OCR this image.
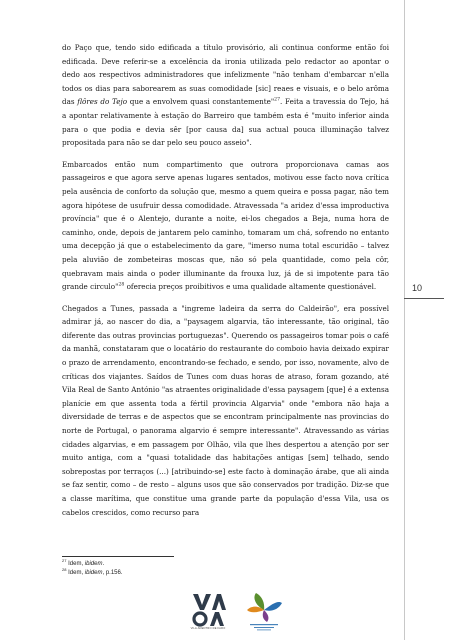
10

do Paço que, tendo sido edificada a título provisório, ali continua conforme então foi edificada. Deve referir-se a excelência da ironia utilizada pelo redactor ao apontar o dedo aos respectivos administradores que infelizmente "não tenham d'embarcar n'ella todos os dias para saborearem as suas comodidade [sic] reaes e visuais, e o belo arôma das flôres do Tejo que a envolvem quasi constantemente"$^{27}$. Feita a travessia do Tejo, há a apontar relativamente à estação do Barreiro que também esta é "muito inferior ainda para o que podia e devia sêr [por causa da] sua actual pouca illuminação talvez propositada para não se dar pelo seu pouco asseio".

Embarcados então num compartimento que outrora proporcionava camas aos passageiros e que agora serve apenas lugares sentados, motivou esse facto nova crítica pela ausência de conforto da solução que, mesmo a quem queira e possa pagar, não tem agora hipótese de usufruir dessa comodidade. Atravessada "a aridez d'essa improductiva província" que é o Alentejo, durante a noite, ei-los chegados a Beja, numa hora de caminho, onde, depois de jantarem pelo caminho, tomaram um chá, sofrendo no entanto uma decepção já que o estabelecimento da gare, "imerso numa total escuridão – talvez pela aluvião de zombeteiras moscas que, não só pela quantidade, como pela côr, quebravam mais ainda o poder illuminante da frouxa luz, já de si impotente para tão grande circulo"$^{28}$ oferecia preços proibitivos e uma qualidade altamente questionável.

Chegados a Tunes, passada a "ingreme ladeira da serra do Caldeirão", era possível admirar já, ao nascer do dia, a "paysagem algarvia, tão interessante, tão original, tão diferente das outras provincias portuguezas". Querendo os passageiros tomar pois o café da manhã, constataram que o locatário do restaurante do comboio havia deixado expirar o prazo de arrendamento, encontrando-se fechado, e sendo, por isso, novamente, alvo de críticas dos viajantes. Saídos de Tunes com duas horas de atraso, foram gozando, até Vila Real de Santo António "as atraentes originalidade d'essa paysagem [que] é a extensa planície em que assenta toda a fértil provincia Algarvia" onde "embora não haja a diversidade de terras e de aspectos que se encontram principalmente nas provincias do norte de Portugal, o panorama algarvio é sempre interessante". Atravessando as várias cidades algarvias, e em passagem por Olhão, vila que lhes despertou a atenção por ser muito antiga, com a "quasi totalidade das habitações antigas [sem] telhado, sendo sobrepostas por terraços (...) [atribuindo-se] este facto à dominação árabe, que ali ainda se faz sentir, como – de resto – alguns usos que são conservados por tradição. Diz-se que a classe marítima, que constitue uma grande parte da população d'essa Vila, usa os cabelos crescidos, como recurso para

$^{27}$ Idem, ibidem.
$^{28}$ Idem, ibidem, p.156.
VILA ADENTRO DE FARO
